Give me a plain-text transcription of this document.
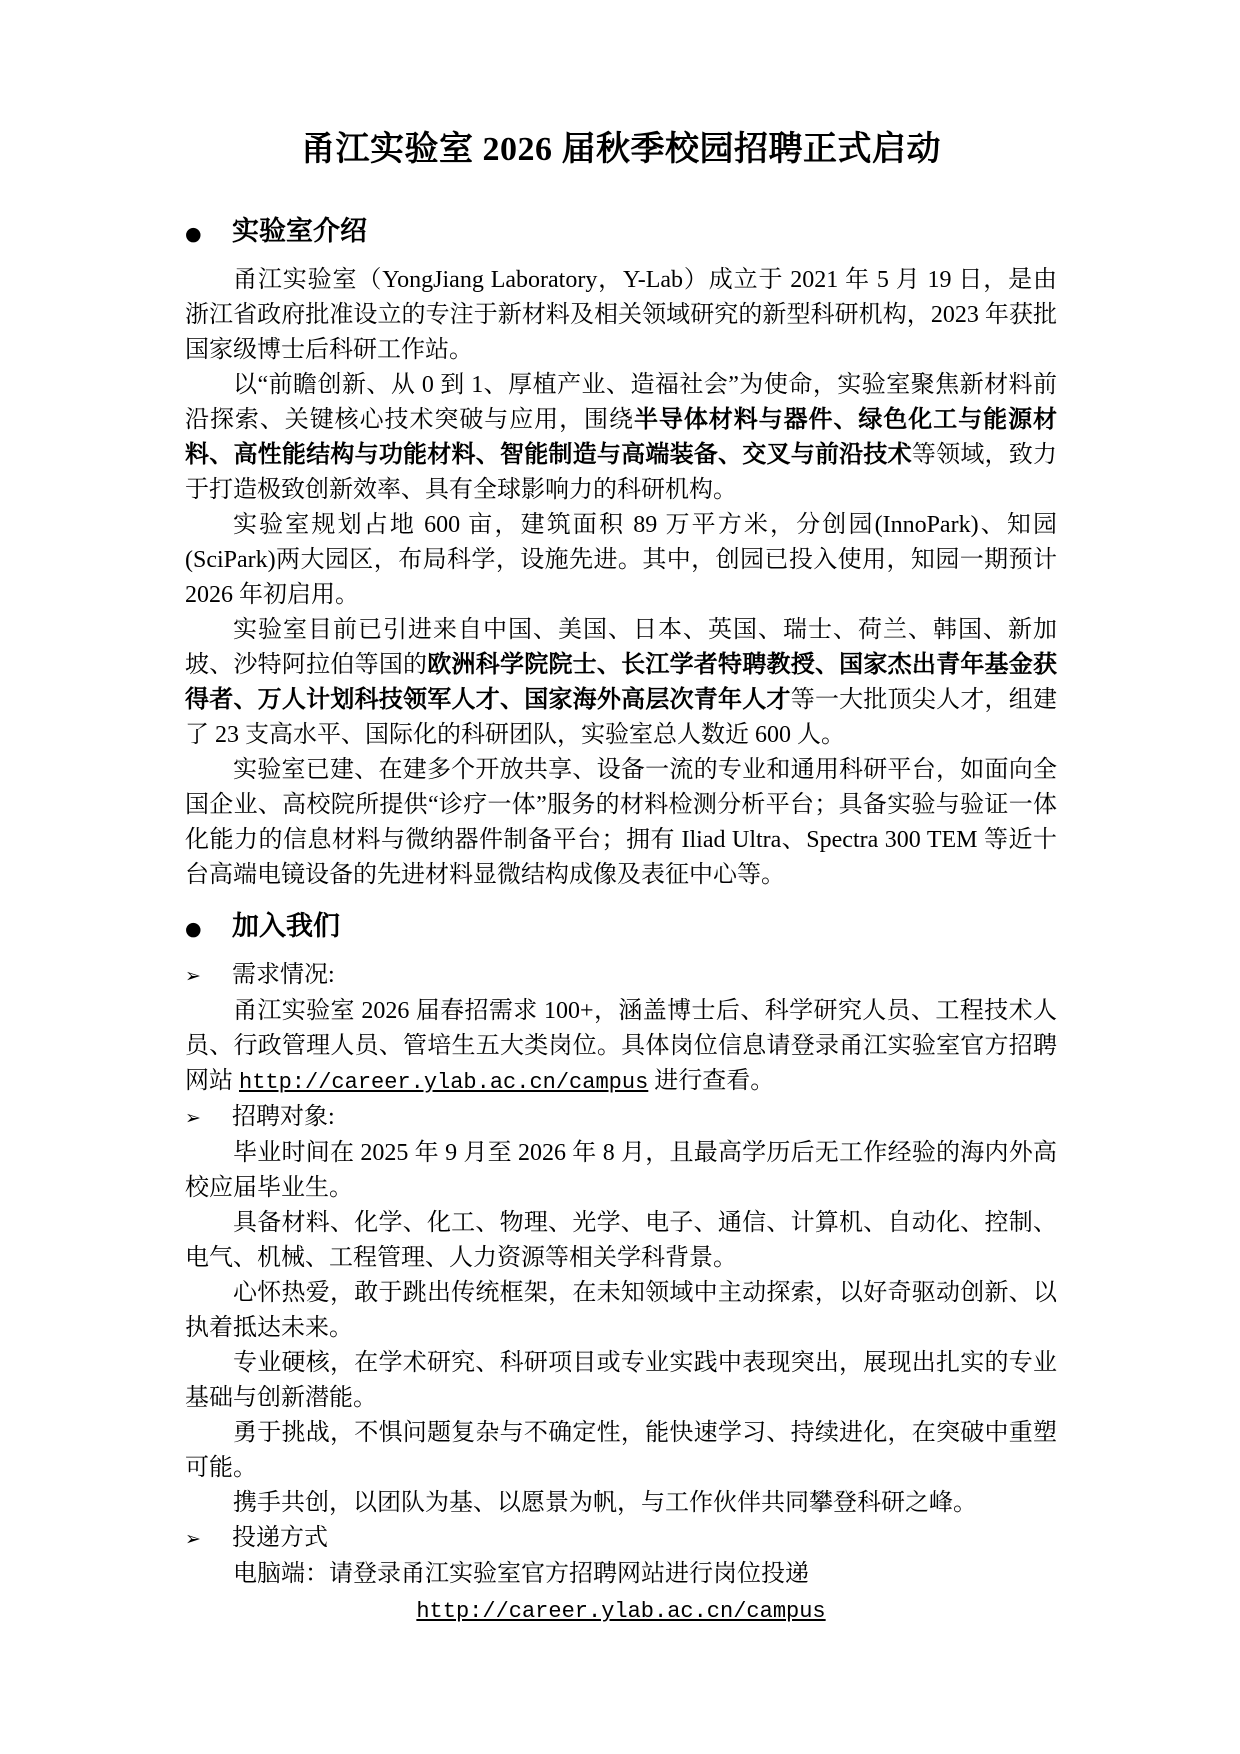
甬江实验室 2026 届秋季校园招聘正式启动
●	实验室介绍

甬江实验室（YongJiang Laboratory，Y-Lab）成立于 2021 年 5 月 19 日，是由浙江省政府批准设立的专注于新材料及相关领域研究的新型科研机构，2023 年获批国家级博士后科研工作站。

以“前瞻创新、从 0 到 1、厚植产业、造福社会”为使命，实验室聚焦新材料前沿探索、关键核心技术突破与应用，围绕半导体材料与器件、绿色化工与能源材料、高性能结构与功能材料、智能制造与高端装备、交叉与前沿技术等领域，致力于打造极致创新效率、具有全球影响力的科研机构。

实验室规划占地 600 亩，建筑面积 89 万平方米，分创园(InnoPark)、知园(SciPark)两大园区，布局科学，设施先进。其中，创园已投入使用，知园一期预计 2026 年初启用。

实验室目前已引进来自中国、美国、日本、英国、瑞士、荷兰、韩国、新加坡、沙特阿拉伯等国的欧洲科学院院士、长江学者特聘教授、国家杰出青年基金获得者、万人计划科技领军人才、国家海外高层次青年人才等一大批顶尖人才，组建了 23 支高水平、国际化的科研团队，实验室总人数近 600 人。

实验室已建、在建多个开放共享、设备一流的专业和通用科研平台，如面向全国企业、高校院所提供“诊疗一体”服务的材料检测分析平台；具备实验与验证一体化能力的信息材料与微纳器件制备平台；拥有 Iliad Ultra、Spectra 300 TEM 等近十台高端电镜设备的先进材料显微结构成像及表征中心等。

●	加入我们
➢	需求情况:

甬江实验室 2026 届春招需求 100+，涵盖博士后、科学研究人员、工程技术人员、行政管理人员、管培生五大类岗位。具体岗位信息请登录甬江实验室官方招聘网站 http://career.ylab.ac.cn/campus 进行查看。

➢	招聘对象:

毕业时间在 2025 年 9 月至 2026 年 8 月，且最高学历后无工作经验的海内外高校应届毕业生。

具备材料、化学、化工、物理、光学、电子、通信、计算机、自动化、控制、电气、机械、工程管理、人力资源等相关学科背景。

心怀热爱，敢于跳出传统框架，在未知领域中主动探索，以好奇驱动创新、以执着抵达未来。

专业硬核，在学术研究、科研项目或专业实践中表现突出，展现出扎实的专业基础与创新潜能。

勇于挑战，不惧问题复杂与不确定性，能快速学习、持续进化，在突破中重塑可能。

携手共创，以团队为基、以愿景为帆，与工作伙伴共同攀登科研之峰。

➢	投递方式

电脑端：请登录甬江实验室官方招聘网站进行岗位投递

http://career.ylab.ac.cn/campus
